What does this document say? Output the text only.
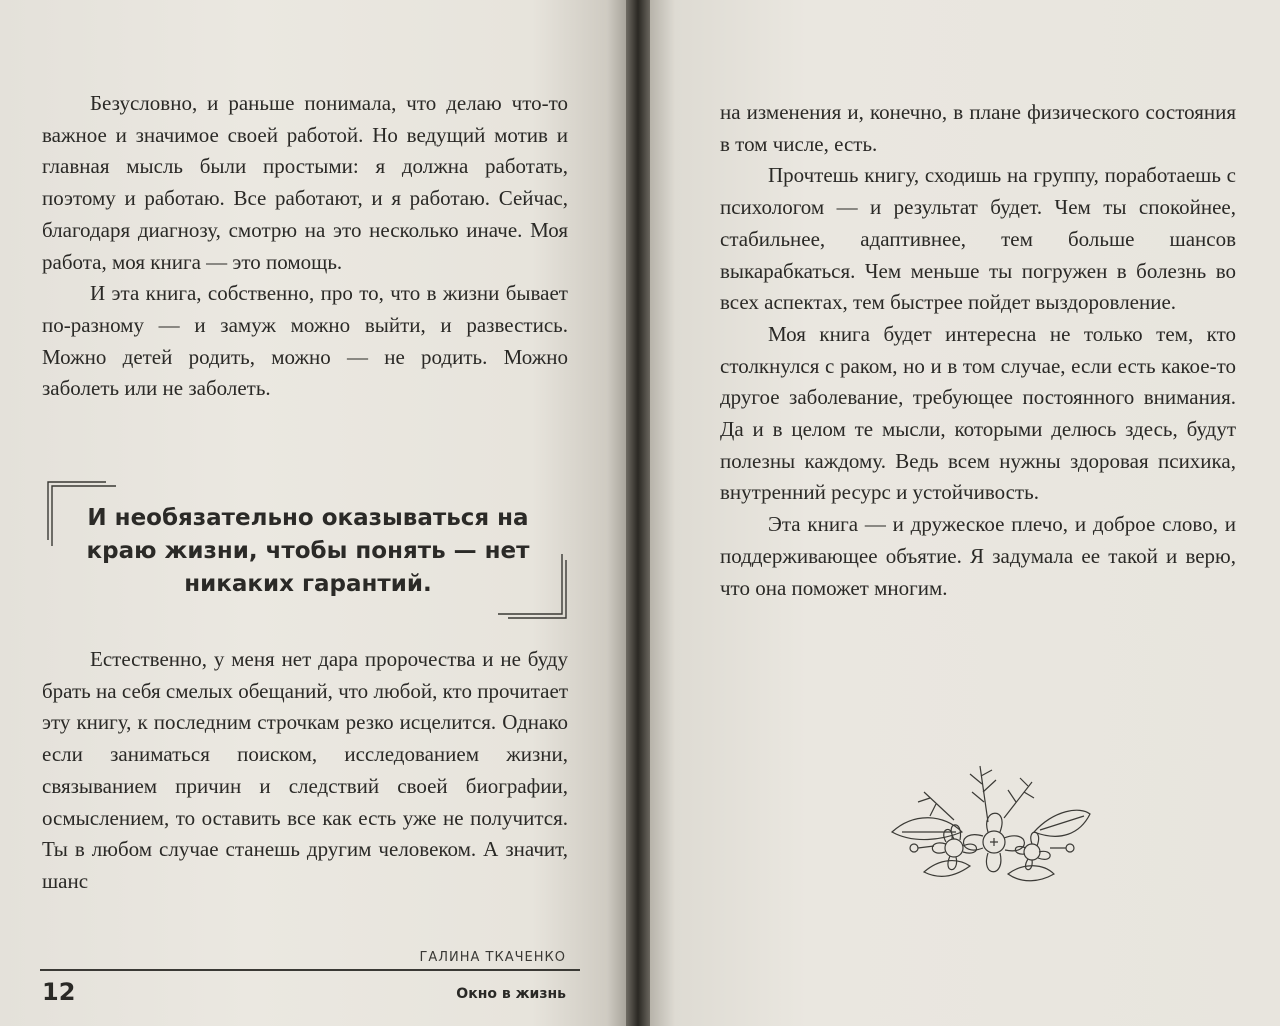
Безусловно, и раньше понимала, что делаю что-то важное и значимое своей работой. Но ведущий мотив и главная мысль были простыми: я должна работать, поэтому и работаю. Все работают, и я работаю. Сейчас, благодаря диагнозу, смотрю на это несколько иначе. Моя работа, моя книга — это помощь.

И эта книга, собственно, про то, что в жизни бывает по-разному — и замуж можно выйти, и развестись. Можно детей родить, можно — не родить. Можно заболеть или не заболеть.

И необязательно оказываться на краю жизни, чтобы понять — нет никаких гарантий.

Естественно, у меня нет дара пророчества и не буду брать на себя смелых обещаний, что любой, кто прочитает эту книгу, к последним строчкам резко исцелится. Однако если заниматься поиском, исследованием жизни, связыванием причин и следствий своей биографии, осмыслением, то оставить все как есть уже не получится. Ты в любом случае станешь другим человеком. А значит, шанс

ГАЛИНА ТКАЧЕНКО
12	Окно в жизнь

на изменения и, конечно, в плане физического состояния в том числе, есть.

Прочтешь книгу, сходишь на группу, поработаешь с психологом — и результат будет. Чем ты спокойнее, стабильнее, адаптивнее, тем больше шансов выкарабкаться. Чем меньше ты погружен в болезнь во всех аспектах, тем быстрее пойдет выздоровление.

Моя книга будет интересна не только тем, кто столкнулся с раком, но и в том случае, если есть какое-то другое заболевание, требующее постоянного внимания. Да и в целом те мысли, которыми делюсь здесь, будут полезны каждому. Ведь всем нужны здоровая психика, внутренний ресурс и устойчивость.

Эта книга — и дружеское плечо, и доброе слово, и поддерживающее объятие. Я задумала ее такой и верю, что она поможет многим.
